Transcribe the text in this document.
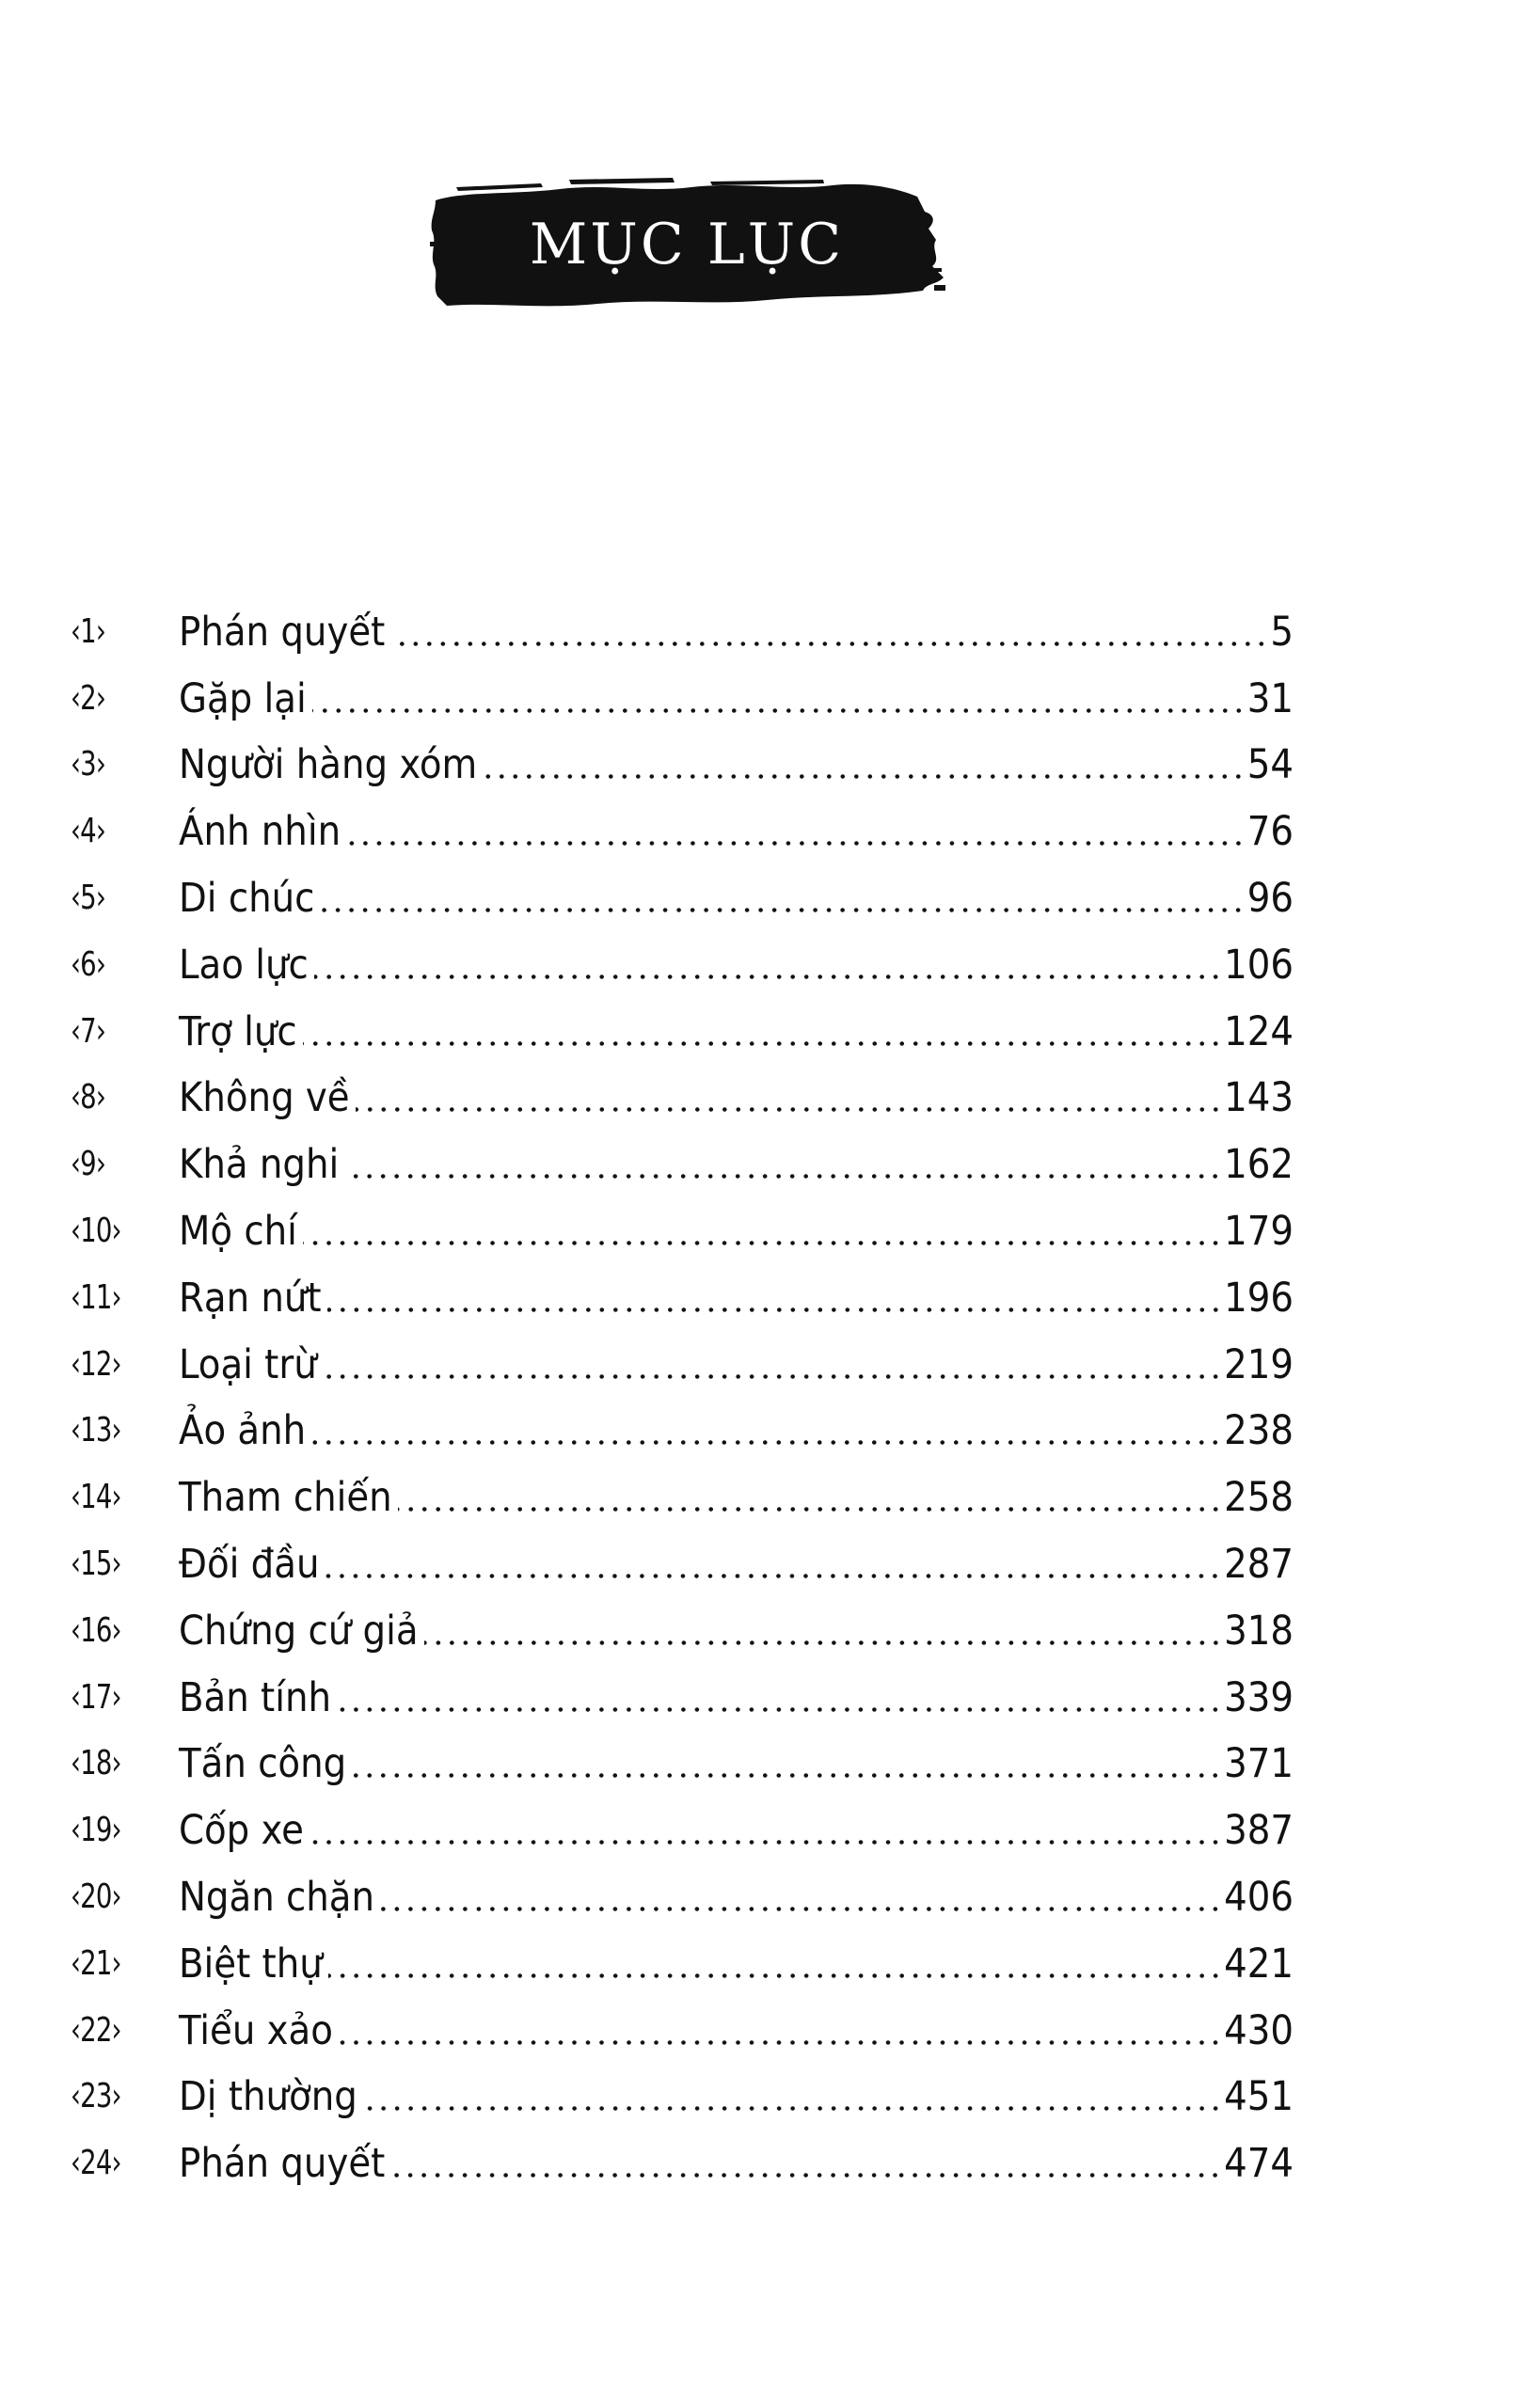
MỤC LỤC
‹1›	Phán quyết	5
‹2›	Gặp lại	31
‹3›	Người hàng xóm	54
‹4›	Ánh nhìn	76
‹5›	Di chúc	96
‹6›	Lao lực	106
‹7›	Trợ lực	124
‹8›	Không về	143
‹9›	Khả nghi	162
‹10›	Mộ chí	179
‹11›	Rạn nứt	196
‹12›	Loại trừ	219
‹13›	Ảo ảnh	238
‹14›	Tham chiến	258
‹15›	Đối đầu	287
‹16›	Chứng cứ giả	318
‹17›	Bản tính	339
‹18›	Tấn công	371
‹19›	Cốp xe	387
‹20›	Ngăn chặn	406
‹21›	Biệt thự	421
‹22›	Tiểu xảo	430
‹23›	Dị thường	451
‹24›	Phán quyết	474
